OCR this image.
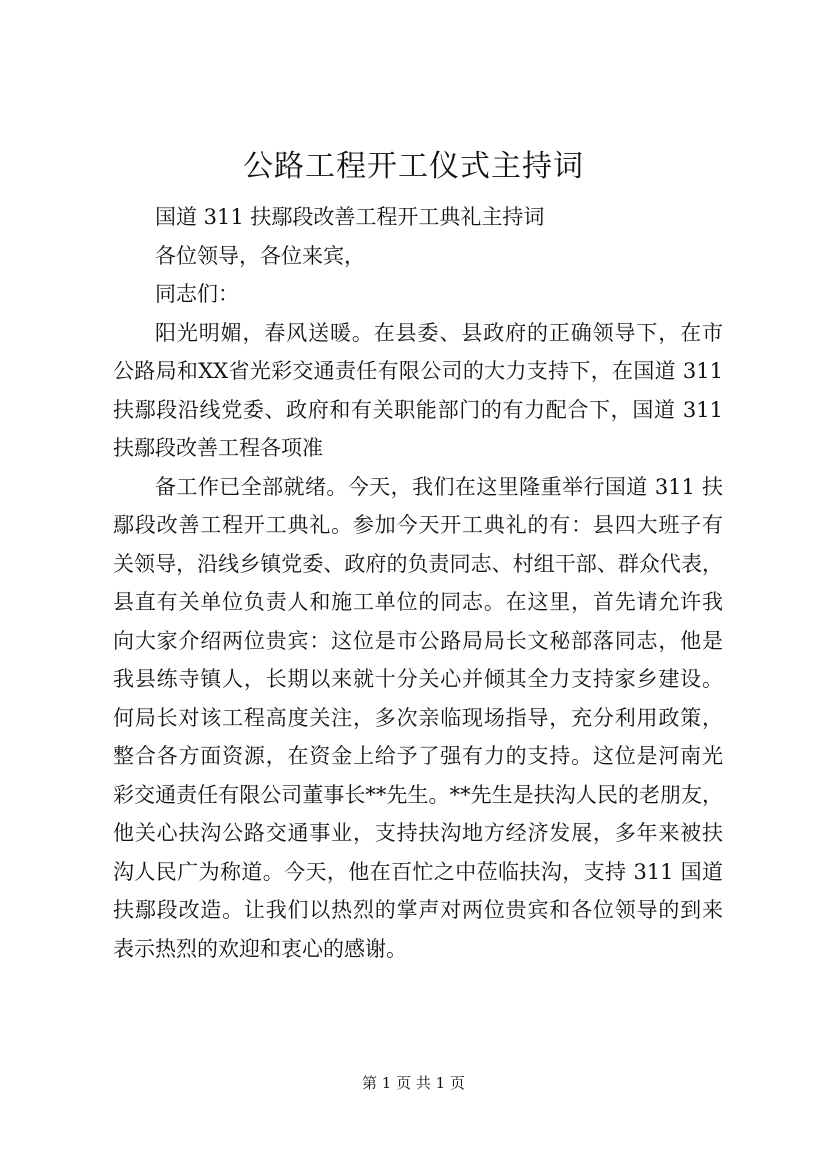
公路工程开工仪式主持词

国道 311 扶鄢段改善工程开工典礼主持词

各位领导，各位来宾，

同志们：

阳光明媚，春风送暖。在县委、县政府的正确领导下，在市

公路局和XX省光彩交通责任有限公司的大力支持下，在国道 311

扶鄢段沿线党委、政府和有关职能部门的有力配合下，国道 311

扶鄢段改善工程各项准

备工作已全部就绪。今天，我们在这里隆重举行国道 311 扶

鄢段改善工程开工典礼。参加今天开工典礼的有：县四大班子有

关领导，沿线乡镇党委、政府的负责同志、村组干部、群众代表，

县直有关单位负责人和施工单位的同志。在这里，首先请允许我

向大家介绍两位贵宾：这位是市公路局局长文秘部落同志，他是

我县练寺镇人，长期以来就十分关心并倾其全力支持家乡建设。

何局长对该工程高度关注，多次亲临现场指导，充分利用政策，

整合各方面资源，在资金上给予了强有力的支持。这位是河南光

彩交通责任有限公司董事长**先生。**先生是扶沟人民的老朋友，

他关心扶沟公路交通事业，支持扶沟地方经济发展，多年来被扶

沟人民广为称道。今天，他在百忙之中莅临扶沟，支持 311 国道

扶鄢段改造。让我们以热烈的掌声对两位贵宾和各位领导的到来

表示热烈的欢迎和衷心的感谢。

第 1 页 共 1 页
